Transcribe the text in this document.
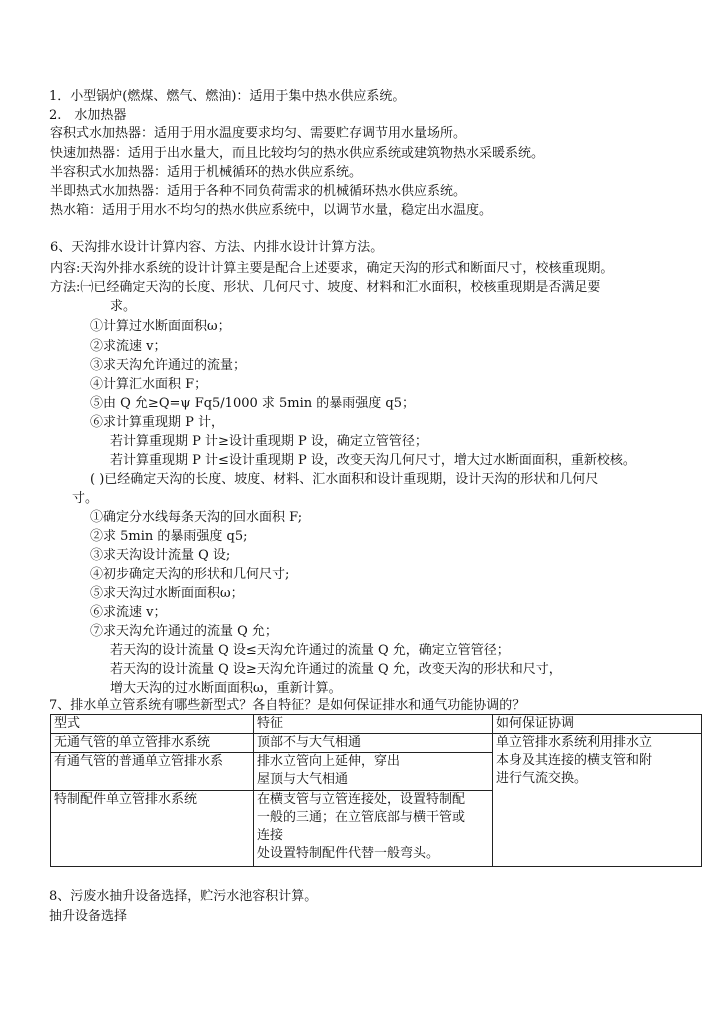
1．小型锅炉(燃煤、燃气、燃油)：适用于集中热水供应系统。
2.　水加热器
容积式水加热器：适用于用水温度要求均匀、需要贮存调节用水量场所。
快速加热器：适用于出水量大，而且比较均匀的热水供应系统或建筑物热水采暖系统。
半容积式水加热器：适用于机械循环的热水供应系统。
半即热式水加热器：适用于各种不同负荷需求的机械循环热水供应系统。
热水箱：适用于用水不均匀的热水供应系统中，以调节水量，稳定出水温度。
6、天沟排水设计计算内容、方法、内排水设计计算方法。
内容:天沟外排水系统的设计计算主要是配合上述要求，确定天沟的形式和断面尺寸，校核重现期。
方法:㈠已经确定天沟的长度、形状、几何尺寸、坡度、材料和汇水面积，校核重现期是否满足要
求。
①计算过水断面面积ω；
②求流速 v；
③求天沟允许通过的流量；
④计算汇水面积 F；
⑤由 Q 允≥Q=ψ Fq5/1000 求 5min 的暴雨强度 q5；
⑥求计算重现期 P 计，
若计算重现期 P 计≥设计重现期 P 设，确定立管管径；
若计算重现期 P 计≤设计重现期 P 设，改变天沟几何尺寸，增大过水断面面积，重新校核。
( )已经确定天沟的长度、坡度、材料、汇水面积和设计重现期，设计天沟的形状和几何尺
寸。
①确定分水线每条天沟的回水面积 F;
②求 5min 的暴雨强度 q5;
③求天沟设计流量 Q 设;
④初步确定天沟的形状和几何尺寸;
⑤求天沟过水断面面积ω；
⑥求流速 v；
⑦求天沟允许通过的流量 Q 允；
若天沟的设计流量 Q 设≤天沟允许通过的流量 Q 允，确定立管管径；
若天沟的设计流量 Q 设≥天沟允许通过的流量 Q 允，改变天沟的形状和尺寸，
增大天沟的过水断面面积ω，重新计算。
7、排水单立管系统有哪些新型式？各自特征？是如何保证排水和通气功能协调的？
型式	特征	如何保证协调
无通气管的单立管排水系统	顶部不与大气相通	单立管排水系统利用排水立
本身及其连接的横支管和附
进行气流交换。

有通气管的普通单立管排水系	排水立管向上延伸，穿出
屋顶与大气相通	

特制配件单立管排水系统	在横支管与立管连接处，设置特制配
一般的三通；在立管底部与横干管或
连接
处设置特制配件代替一般弯头。	
8、污废水抽升设备选择，贮污水池容积计算。
抽升设备选择
